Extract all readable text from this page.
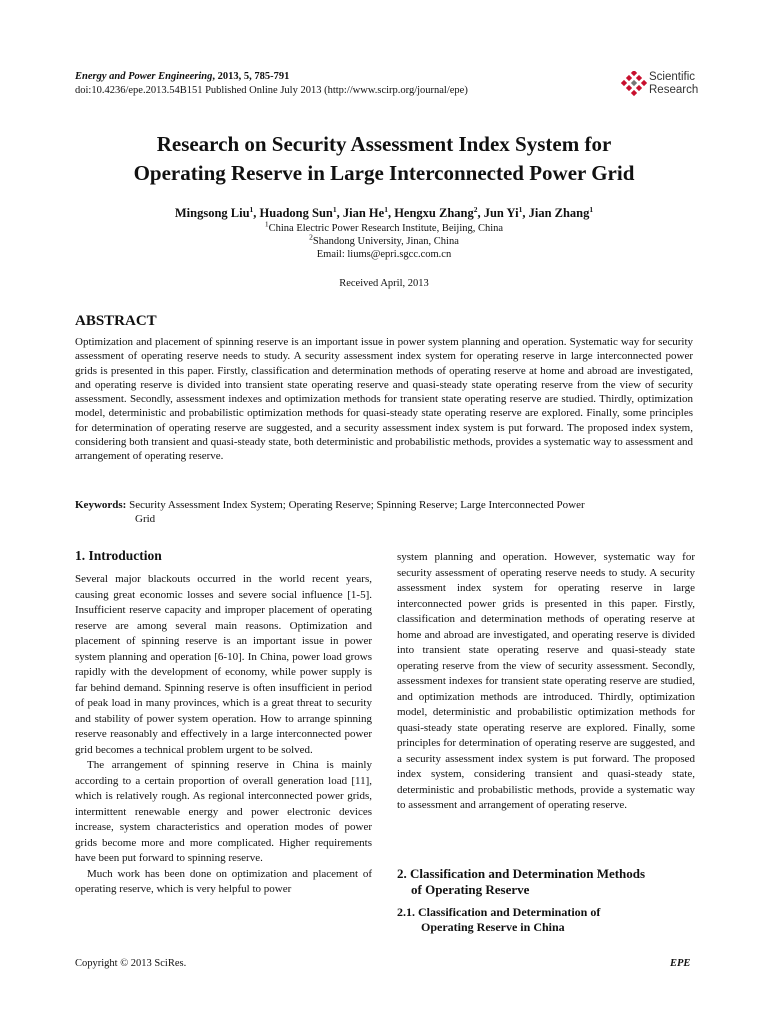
Energy and Power Engineering, 2013, 5, 785-791
doi:10.4236/epe.2013.54B151 Published Online July 2013 (http://www.scirp.org/journal/epe)
Scientific
Research
Research on Security Assessment Index System for
Operating Reserve in Large Interconnected Power Grid
Mingsong Liu$^1$, Huadong Sun$^1$, Jian He$^1$, Hengxu Zhang$^2$, Jun Yi$^1$, Jian Zhang$^1$
$^1$China Electric Power Research Institute, Beijing, China
$^2$Shandong University, Jinan, China
Email: liums@epri.sgcc.com.cn
Received April, 2013
ABSTRACT

Optimization and placement of spinning reserve is an important issue in power system planning and operation. Systematic way for security assessment of operating reserve needs to study. A security assessment index system for operating reserve in large interconnected power grids is presented in this paper. Firstly, classification and determination methods of operating reserve at home and abroad are investigated, and operating reserve is divided into transient state operating reserve and quasi-steady state operating reserve from the view of security assessment. Secondly, assessment indexes and optimization methods for transient state operating reserve are studied. Thirdly, optimization model, deterministic and probabilistic optimization methods for quasi-steady state operating reserve are explored. Finally, some principles for determination of operating reserve are suggested, and a security assessment index system is put forward. The proposed index system, considering both transient and quasi-steady state, both deterministic and probabilistic methods, provides a systematic way to assessment and arrangement of operating reserve.

Keywords: Security Assessment Index System; Operating Reserve; Spinning Reserve; Large Interconnected Power
Grid
1. Introduction

Several major blackouts occurred in the world recent years, causing great economic losses and severe social influence [1-5]. Insufficient reserve capacity and improper placement of operating reserve are among several main reasons. Optimization and placement of spinning reserve is an important issue in power system planning and operation [6-10]. In China, power load grows rapidly with the development of economy, while power supply is far behind demand. Spinning reserve is often insufficient in period of peak load in many provinces, which is a great threat to security and stability of power system operation. How to arrange spinning reserve reasonably and effectively in a large interconnected power grid becomes a technical problem urgent to be solved.

The arrangement of spinning reserve in China is mainly according to a certain proportion of overall generation load [11], which is relatively rough. As regional interconnected power grids, intermittent renewable energy and power electronic devices increase, system characteristics and operation modes of power grids become more and more complicated. Higher requirements have been put forward to spinning reserve.

Much work has been done on optimization and placement of operating reserve, which is very helpful to power

system planning and operation. However, systematic way for security assessment of operating reserve needs to study. A security assessment index system for operating reserve in large interconnected power grids is presented in this paper. Firstly, classification and determination methods of operating reserve at home and abroad are investigated, and operating reserve is divided into transient state operating reserve and quasi-steady state operating reserve from the view of security assessment. Secondly, assessment indexes for transient state operating reserve are studied, and optimization methods are introduced. Thirdly, optimization model, deterministic and probabilistic optimization methods for quasi-steady state operating reserve are explored. Finally, some principles for determination of operating reserve are suggested, and a security assessment index system is put forward. The proposed index system, considering transient and quasi-steady state, deterministic and probabilistic methods, provide a systematic way to assessment and arrangement of operating reserve.

2. Classification and Determination Methods
of Operating Reserve
2.1. Classification and Determination of
Operating Reserve in China
Copyright © 2013 SciRes.	EPE
